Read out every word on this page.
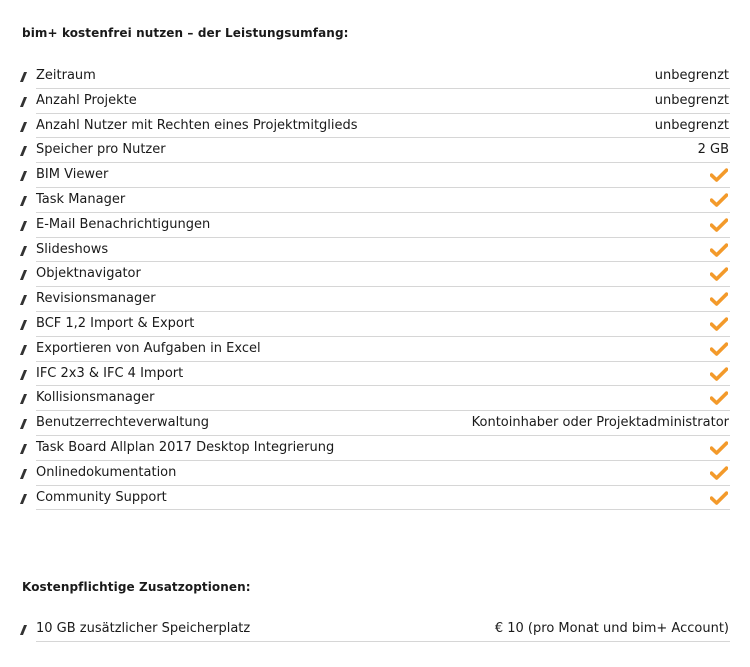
bim+ kostenfrei nutzen – der Leistungsumfang:
Zeitraum	unbegrenzt
Anzahl Projekte	unbegrenzt
Anzahl Nutzer mit Rechten eines Projektmitglieds	unbegrenzt
Speicher pro Nutzer	2 GB
BIM Viewer
Task Manager
E-Mail Benachrichtigungen
Slideshows
Objektnavigator
Revisionsmanager
BCF 1,2 Import & Export
Exportieren von Aufgaben in Excel
IFC 2x3 & IFC 4 Import
Kollisionsmanager
Benutzerrechteverwaltung	Kontoinhaber oder Projektadministrator
Task Board Allplan 2017 Desktop Integrierung
Onlinedokumentation
Community Support
Kostenpflichtige Zusatzoptionen:
10 GB zusätzlicher Speicherplatz	€ 10 (pro Monat und bim+ Account)
